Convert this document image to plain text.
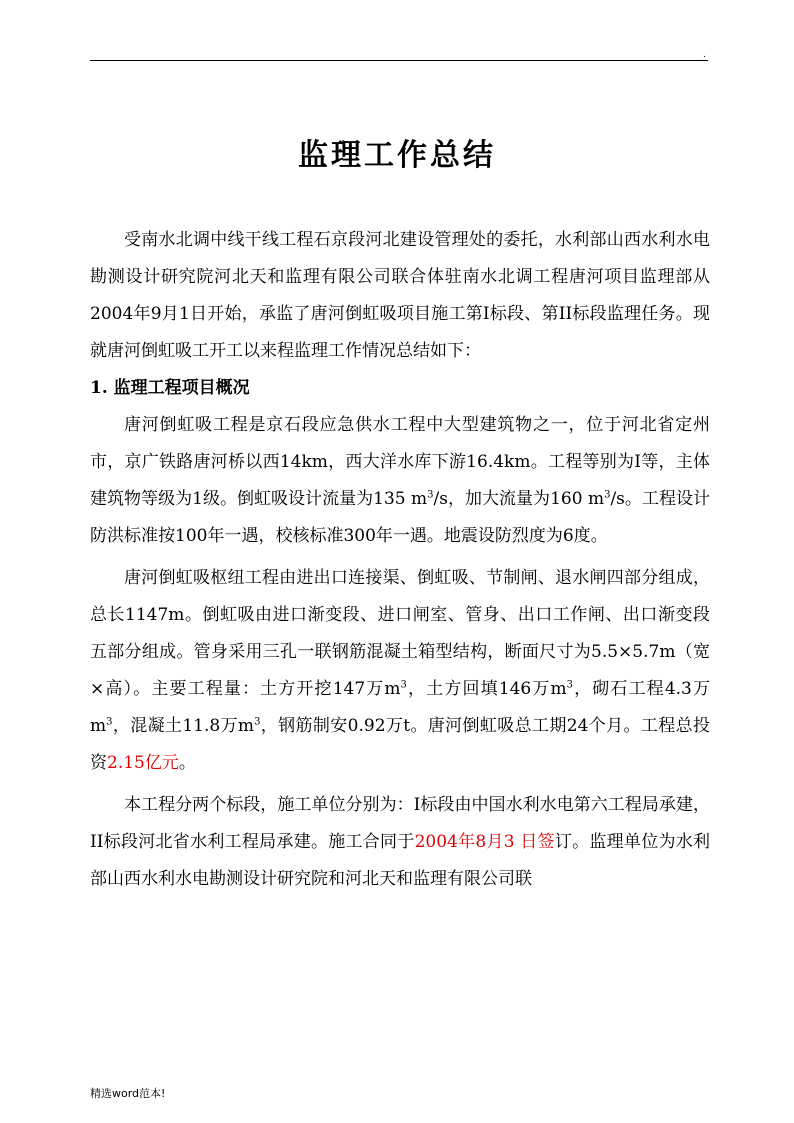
.
监理工作总结

受南水北调中线干线工程石京段河北建设管理处的委托，水利部山西水利水电勘测设计研究院河北天和监理有限公司联合体驻南水北调工程唐河项目监理部从2004年9月1日开始，承监了唐河倒虹吸项目施工第I标段、第II标段监理任务。现就唐河倒虹吸工开工以来程监理工作情况总结如下：

1. 监理工程项目概况

唐河倒虹吸工程是京石段应急供水工程中大型建筑物之一，位于河北省定州市，京广铁路唐河桥以西14km，西大洋水库下游16.4km。工程等别为I等，主体建筑物等级为1级。倒虹吸设计流量为135 $m^3/s$，加大流量为160 $m^3/s$。工程设计防洪标准按100年一遇，校核标准300年一遇。地震设防烈度为6度。

唐河倒虹吸枢纽工程由进出口连接渠、倒虹吸、节制闸、退水闸四部分组成，总长1147m。倒虹吸由进口渐变段、进口闸室、管身、出口工作闸、出口渐变段五部分组成。管身采用三孔一联钢筋混凝土箱型结构，断面尺寸为5.5×5.7m（宽×高）。主要工程量：土方开挖147万$m^3$，土方回填146万$m^3$，砌石工程4.3万$m^3$，混凝土11.8万$m^3$，钢筋制安0.92万t。唐河倒虹吸总工期24个月。工程总投资2.15亿元。

本工程分两个标段，施工单位分别为：I标段由中国水利水电第六工程局承建，II标段河北省水利工程局承建。施工合同于2004年8月3 日签订。监理单位为水利部山西水利水电勘测设计研究院和河北天和监理有限公司联

精选word范本!
